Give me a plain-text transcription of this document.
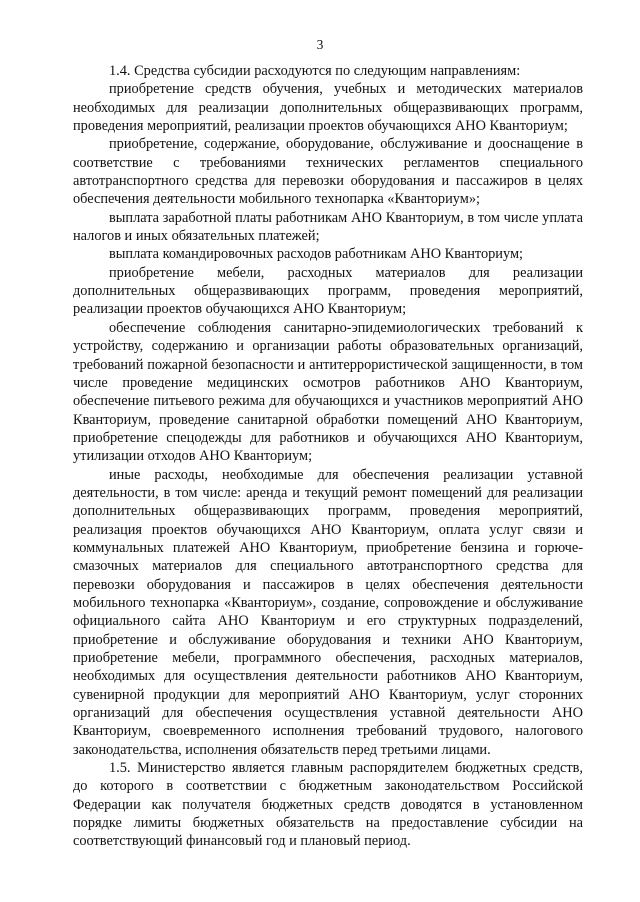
3

1.4. Средства субсидии расходуются по следующим направлениям:

приобретение средств обучения, учебных и методических материалов необходимых для реализации дополнительных общеразвивающих программ, проведения мероприятий, реализации проектов обучающихся АНО Кванториум;

приобретение, содержание, оборудование, обслуживание и дооснащение в соответствие с требованиями технических регламентов специального автотранспортного средства для перевозки оборудования и пассажиров в целях обеспечения деятельности мобильного технопарка «Кванториум»;

выплата заработной платы работникам АНО Кванториум, в том числе уплата налогов и иных обязательных платежей;

выплата командировочных расходов работникам АНО Кванториум;

приобретение мебели, расходных материалов для реализации дополнительных общеразвивающих программ, проведения мероприятий, реализации проектов обучающихся АНО Кванториум;

обеспечение соблюдения санитарно-эпидемиологических требований к устройству, содержанию и организации работы образовательных организаций, требований пожарной безопасности и антитеррористической защищенности, в том числе проведение медицинских осмотров работников АНО Кванториум, обеспечение питьевого режима для обучающихся и участников мероприятий АНО Кванториум, проведение санитарной обработки помещений АНО Кванториум, приобретение спецодежды для работников и обучающихся АНО Кванториум, утилизации отходов АНО Кванториум;

иные расходы, необходимые для обеспечения реализации уставной деятельности, в том числе: аренда и текущий ремонт помещений для реализации дополнительных общеразвивающих программ, проведения мероприятий, реализация проектов обучающихся АНО Кванториум, оплата услуг связи и коммунальных платежей АНО Кванториум, приобретение бензина и горюче-смазочных материалов для специального автотранспортного средства для перевозки оборудования и пассажиров в целях обеспечения деятельности мобильного технопарка «Кванториум», создание, сопровождение и обслуживание официального сайта АНО Кванториум и его структурных подразделений, приобретение и обслуживание оборудования и техники АНО Кванториум, приобретение мебели, программного обеспечения, расходных материалов, необходимых для осуществления деятельности работников АНО Кванториум, сувенирной продукции для мероприятий АНО Кванториум, услуг сторонних организаций для обеспечения осуществления уставной деятельности АНО Кванториум, своевременного исполнения требований трудового, налогового законодательства, исполнения обязательств перед третьими лицами.

1.5. Министерство является главным распорядителем бюджетных средств, до которого в соответствии с бюджетным законодательством Российской Федерации как получателя бюджетных средств доводятся в установленном порядке лимиты бюджетных обязательств на предоставление субсидии на соответствующий финансовый год и плановый период.
